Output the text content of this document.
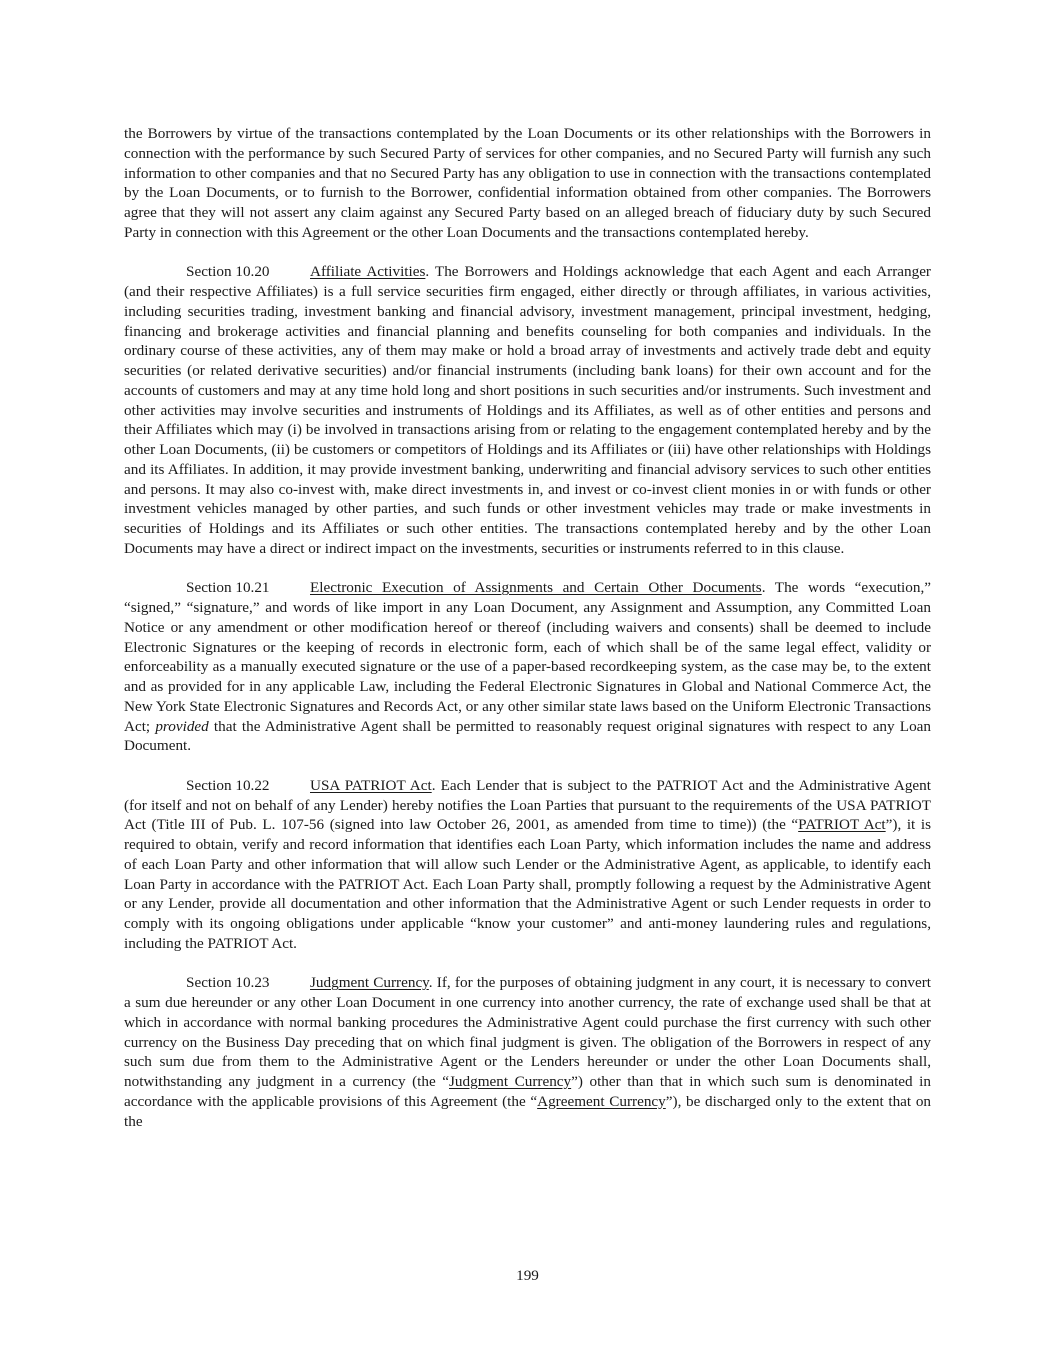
the Borrowers by virtue of the transactions contemplated by the Loan Documents or its other relationships with the Borrowers in connection with the performance by such Secured Party of services for other companies, and no Secured Party will furnish any such information to other companies and that no Secured Party has any obligation to use in connection with the transactions contemplated by the Loan Documents, or to furnish to the Borrower, confidential information obtained from other companies. The Borrowers agree that they will not assert any claim against any Secured Party based on an alleged breach of fiduciary duty by such Secured Party in connection with this Agreement or the other Loan Documents and the transactions contemplated hereby.

Section 10.20	Affiliate Activities. The Borrowers and Holdings acknowledge that each Agent and each Arranger (and their respective Affiliates) is a full service securities firm engaged, either directly or through affiliates, in various activities, including securities trading, investment banking and financial advisory, investment management, principal investment, hedging, financing and brokerage activities and financial planning and benefits counseling for both companies and individuals. In the ordinary course of these activities, any of them may make or hold a broad array of investments and actively trade debt and equity securities (or related derivative securities) and/or financial instruments (including bank loans) for their own account and for the accounts of customers and may at any time hold long and short positions in such securities and/or instruments. Such investment and other activities may involve securities and instruments of Holdings and its Affiliates, as well as of other entities and persons and their Affiliates which may (i) be involved in transactions arising from or relating to the engagement contemplated hereby and by the other Loan Documents, (ii) be customers or competitors of Holdings and its Affiliates or (iii) have other relationships with Holdings and its Affiliates. In addition, it may provide investment banking, underwriting and financial advisory services to such other entities and persons. It may also co-invest with, make direct investments in, and invest or co-invest client monies in or with funds or other investment vehicles managed by other parties, and such funds or other investment vehicles may trade or make investments in securities of Holdings and its Affiliates or such other entities. The transactions contemplated hereby and by the other Loan Documents may have a direct or indirect impact on the investments, securities or instruments referred to in this clause.

Section 10.21	Electronic Execution of Assignments and Certain Other Documents. The words “execution,” “signed,” “signature,” and words of like import in any Loan Document, any Assignment and Assumption, any Committed Loan Notice or any amendment or other modification hereof or thereof (including waivers and consents) shall be deemed to include Electronic Signatures or the keeping of records in electronic form, each of which shall be of the same legal effect, validity or enforceability as a manually executed signature or the use of a paper-based recordkeeping system, as the case may be, to the extent and as provided for in any applicable Law, including the Federal Electronic Signatures in Global and National Commerce Act, the New York State Electronic Signatures and Records Act, or any other similar state laws based on the Uniform Electronic Transactions Act; provided that the Administrative Agent shall be permitted to reasonably request original signatures with respect to any Loan Document.

Section 10.22	USA PATRIOT Act. Each Lender that is subject to the PATRIOT Act and the Administrative Agent (for itself and not on behalf of any Lender) hereby notifies the Loan Parties that pursuant to the requirements of the USA PATRIOT Act (Title III of Pub. L. 107-56 (signed into law October 26, 2001, as amended from time to time)) (the “PATRIOT Act”), it is required to obtain, verify and record information that identifies each Loan Party, which information includes the name and address of each Loan Party and other information that will allow such Lender or the Administrative Agent, as applicable, to identify each Loan Party in accordance with the PATRIOT Act. Each Loan Party shall, promptly following a request by the Administrative Agent or any Lender, provide all documentation and other information that the Administrative Agent or such Lender requests in order to comply with its ongoing obligations under applicable “know your customer” and anti-money laundering rules and regulations, including the PATRIOT Act.

Section 10.23	Judgment Currency. If, for the purposes of obtaining judgment in any court, it is necessary to convert a sum due hereunder or any other Loan Document in one currency into another currency, the rate of exchange used shall be that at which in accordance with normal banking procedures the Administrative Agent could purchase the first currency with such other currency on the Business Day preceding that on which final judgment is given. The obligation of the Borrowers in respect of any such sum due from them to the Administrative Agent or the Lenders hereunder or under the other Loan Documents shall, notwithstanding any judgment in a currency (the “Judgment Currency”) other than that in which such sum is denominated in accordance with the applicable provisions of this Agreement (the “Agreement Currency”), be discharged only to the extent that on the

199
